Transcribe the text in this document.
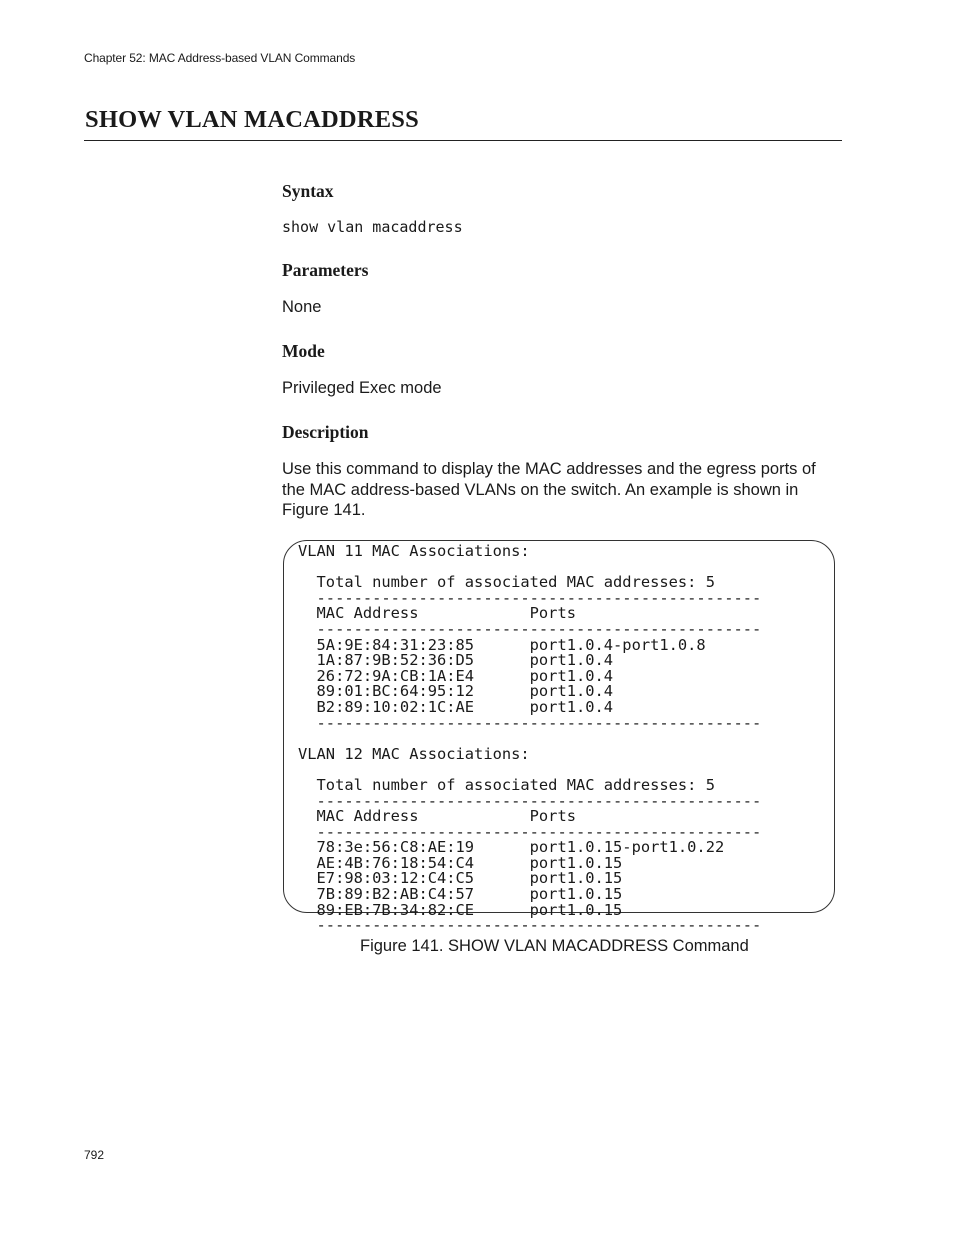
Chapter 52: MAC Address-based VLAN Commands
SHOW VLAN MACADDRESS
Syntax
show vlan macaddress
Parameters

None

Mode

Privileged Exec mode

Description

Use this command to display the MAC addresses and the egress ports of the MAC address-based VLANs on the switch. An example is shown in Figure 141.

VLAN 11 MAC Associations:

Total number of associated MAC addresses: 5
------------------------------------------------
MAC Address            Ports
------------------------------------------------
5A:9E:84:31:23:85      port1.0.4-port1.0.8
1A:87:9B:52:36:D5      port1.0.4
26:72:9A:CB:1A:E4      port1.0.4
89:01:BC:64:95:12      port1.0.4
B2:89:10:02:1C:AE      port1.0.4
------------------------------------------------

VLAN 12 MAC Associations:

Total number of associated MAC addresses: 5
------------------------------------------------
MAC Address            Ports
------------------------------------------------
78:3e:56:C8:AE:19      port1.0.15-port1.0.22
AE:4B:76:18:54:C4      port1.0.15
E7:98:03:12:C4:C5      port1.0.15
7B:89:B2:AB:C4:57      port1.0.15
89:EB:7B:34:82:CE      port1.0.15
------------------------------------------------
Figure 141. SHOW VLAN MACADDRESS Command
792
